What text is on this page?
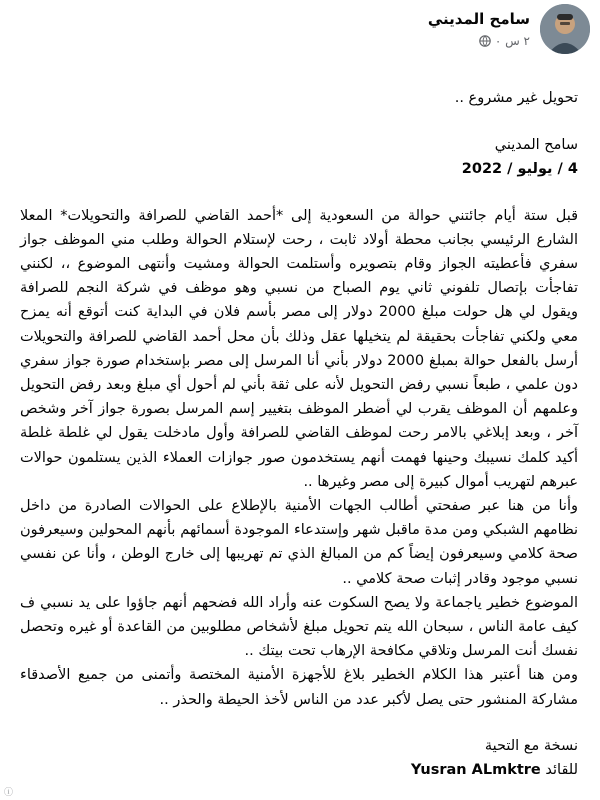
سامح المديني
٢ س ٠

تحويل غير مشروع ..

سامح المديني

4 / يوليو / 2022

قبل ستة أيام جائتني حوالة من السعودية إلى *أحمد القاضي للصرافة والتحويلات* المعلا الشارع الرئيسي بجانب محطة أولاد ثابت ، رحت لإستلام الحوالة وطلب مني الموظف جواز سفري فأعطيته الجواز وقام بتصويره وأستلمت الحوالة ومشيت وأنتهى الموضوع ،، لكنني تفاجأت بإتصال تلفوني ثاني يوم الصباح من نسبي وهو موظف في شركة النجم للصرافة ويقول لي هل حولت مبلغ 2000 دولار إلى مصر بأسم فلان في البداية كنت أتوقع أنه يمزح معي ولكني تفاجأت بحقيقة لم يتخيلها عقل وذلك بأن محل أحمد القاضي للصرافة والتحويلات أرسل بالفعل حوالة بمبلغ 2000 دولار بأني أنا المرسل إلى مصر بإستخدام صورة جواز سفري دون علمي ، طبعاً نسبي رفض التحويل لأنه على ثقة بأني لم أحول أي مبلغ وبعد رفض التحويل وعلمهم أن الموظف يقرب لي أضطر الموظف بتغيير إسم المرسل بصورة جواز آخر وشخص آخر ، وبعد إبلاغي بالامر رحت لموظف القاضي للصرافة وأول مادخلت يقول لي غلطة غلطة أكيد كلمك نسيبك وحينها فهمت أنهم يستخدمون صور جوازات العملاء الذين يستلمون حوالات عبرهم لتهريب أموال كبيرة إلى مصر وغيرها ..

وأنا من هنا عبر صفحتي أطالب الجهات الأمنية بالإطلاع على الحوالات الصادرة من داخل نظامهم الشبكي ومن مدة ماقبل شهر وإستدعاء الموجودة أسمائهم بأنهم المحولين وسيعرفون صحة كلامي وسيعرفون إيضاً كم من المبالغ الذي تم تهريبها إلى خارج الوطن ، وأنا عن نفسي نسبي موجود وقادر إثبات صحة كلامي ..

الموضوع خطير ياجماعة ولا يصح السكوت عنه وأراد الله فضحهم أنهم جاؤوا على يد نسبي ف كيف عامة الناس ، سبحان الله يتم تحويل مبلغ لأشخاص مطلوبين من القاعدة أو غيره وتحصل نفسك أنت المرسل وتلاقي مكافحة الإرهاب تحت بيتك ..

ومن هنا أعتبر هذا الكلام الخطير بلاغ للأجهزة الأمنية المختصة وأتمنى من جميع الأصدقاء مشاركة المنشور حتى يصل لأكبر عدد من الناس لأخذ الحيطة والحذر ..

نسخة مع التحية

للقائد Yusran ALmktre

ⓘ
